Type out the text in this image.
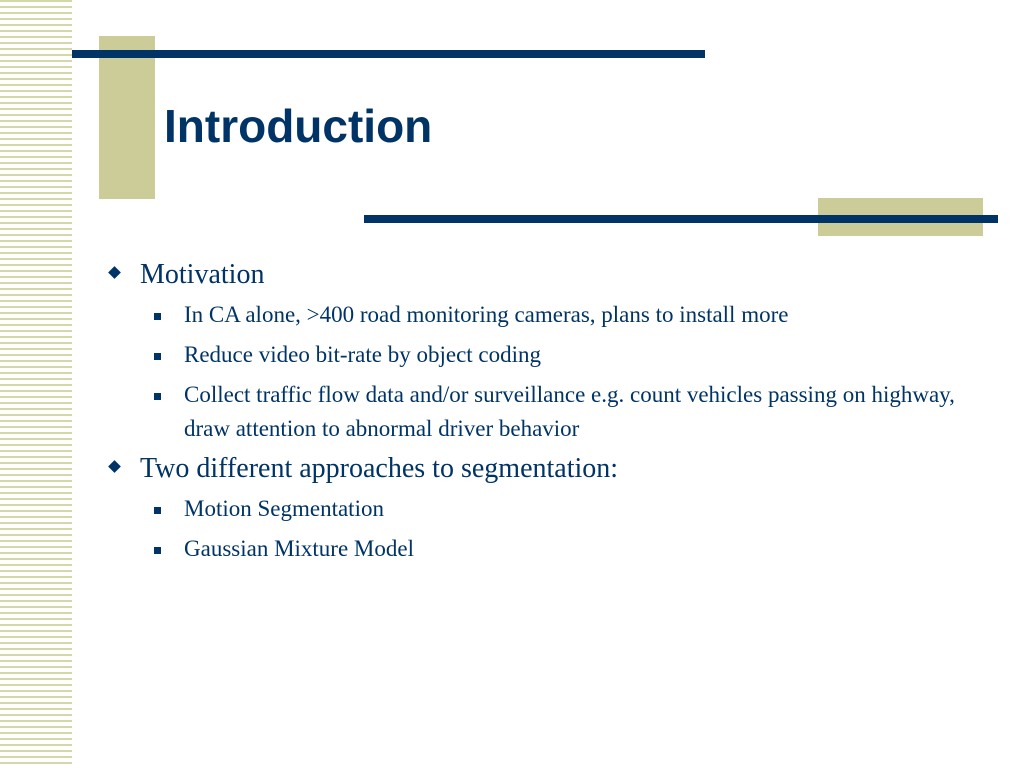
Introduction
Motivation
In CA alone, >400 road monitoring cameras, plans to install more
Reduce video bit-rate by object coding
Collect traffic flow data and/or surveillance e.g. count vehicles passing on highway, draw attention to abnormal driver behavior
Two different approaches to segmentation:
Motion Segmentation
Gaussian Mixture Model
